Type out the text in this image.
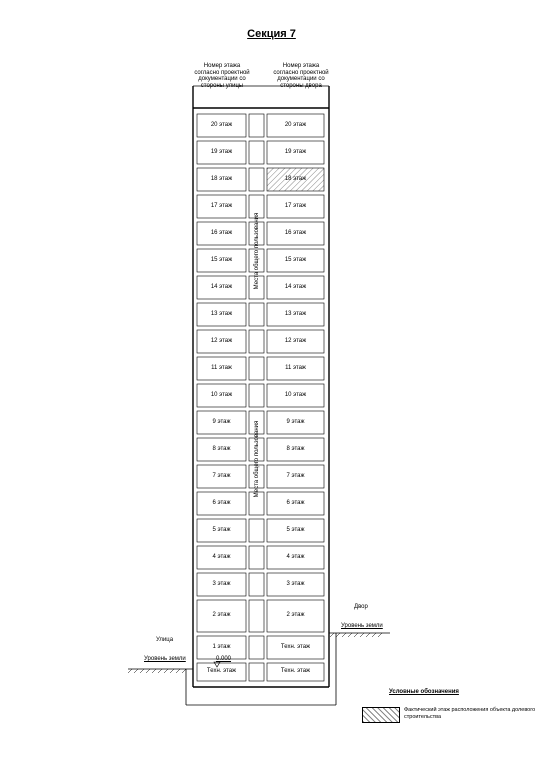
Секция 7
Номер этажа согласно проектной документации со стороны улицы
Номер этажа согласно проектной документации со стороны двора
20 этаж	20 этаж
19 этаж	19 этаж
18 этаж	18 этаж
17 этаж	17 этаж
16 этаж	16 этаж
15 этаж	15 этаж
14 этаж	14 этаж
13 этаж	13 этаж
12 этаж	12 этаж
11 этаж	11 этаж
10 этаж	10 этаж
9 этаж	9 этаж
8 этаж	8 этаж
7 этаж	7 этаж
6 этаж	6 этаж
5 этаж	5 этаж
4 этаж	4 этаж
3 этаж	3 этаж
2 этаж	2 этаж
1 этаж	Техн. этаж
Техн. этаж	Техн. этаж
Места общего пользования
Места общего пользования
Улица
Двор
Уровень земли
Уровень земли
0.000
Условные обозначения
Фактический этаж расположения объекта долевого строительства
